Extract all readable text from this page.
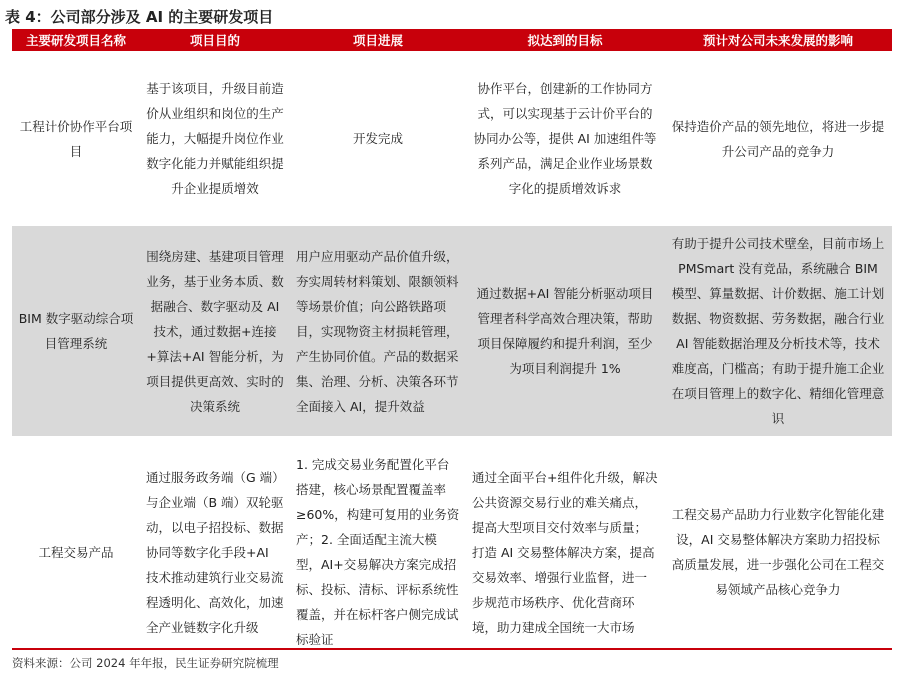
表 4：公司部分涉及 AI 的主要研发项目
主要研发项目名称	项目目的	项目进展	拟达到的目标	预计对公司未来发展的影响
工程计价协作平台项目	基于该项目，升级目前造价从业组织和岗位的生产能力，大幅提升岗位作业数字化能力并赋能组织提升企业提质增效	开发完成	协作平台，创建新的工作协同方式，可以实现基于云计价平台的协同办公等，提供 AI 加速组件等系列产品，满足企业作业场景数字化的提质增效诉求	保持造价产品的领先地位，将进一步提升公司产品的竞争力
BIM 数字驱动综合项目管理系统	围绕房建、基建项目管理业务，基于业务本质、数据融合、数字驱动及 AI 技术，通过数据+连接+算法+AI 智能分析，为项目提供更高效、实时的决策系统	用户应用驱动产品价值升级，夯实周转材料策划、限额领料等场景价值；向公路铁路项目，实现物资主材损耗管理，产生协同价值。产品的数据采集、治理、分析、决策各环节全面接入 AI，提升效益	通过数据+AI 智能分析驱动项目管理者科学高效合理决策，帮助项目保障履约和提升利润，至少为项目利润提升 1%	有助于提升公司技术壁垒，目前市场上 PMSmart 没有竞品，系统融合 BIM 模型、算量数据、计价数据、施工计划数据、物资数据、劳务数据，融合行业 AI 智能数据治理及分析技术等，技术难度高，门槛高；有助于提升施工企业在项目管理上的数字化、精细化管理意识
工程交易产品	通过服务政务端（G 端）与企业端（B 端）双轮驱动，以电子招投标、数据协同等数字化手段+AI 技术推动建筑行业交易流程透明化、高效化，加速全产业链数字化升级	1. 完成交易业务配置化平台搭建，核心场景配置覆盖率≥60%，构建可复用的业务资产；2. 全面适配主流大模型，AI+交易解决方案完成招标、投标、清标、评标系统性覆盖，并在标杆客户侧完成试标验证	通过全面平台+组件化升级，解决公共资源交易行业的难关痛点，提高大型项目交付效率与质量；打造 AI 交易整体解决方案，提高交易效率、增强行业监督，进一步规范市场秩序、优化营商环境，助力建成全国统一大市场	工程交易产品助力行业数字化智能化建设，AI 交易整体解决方案助力招投标高质量发展，进一步强化公司在工程交易领域产品核心竞争力
资料来源：公司 2024 年年报，民生证券研究院梳理
